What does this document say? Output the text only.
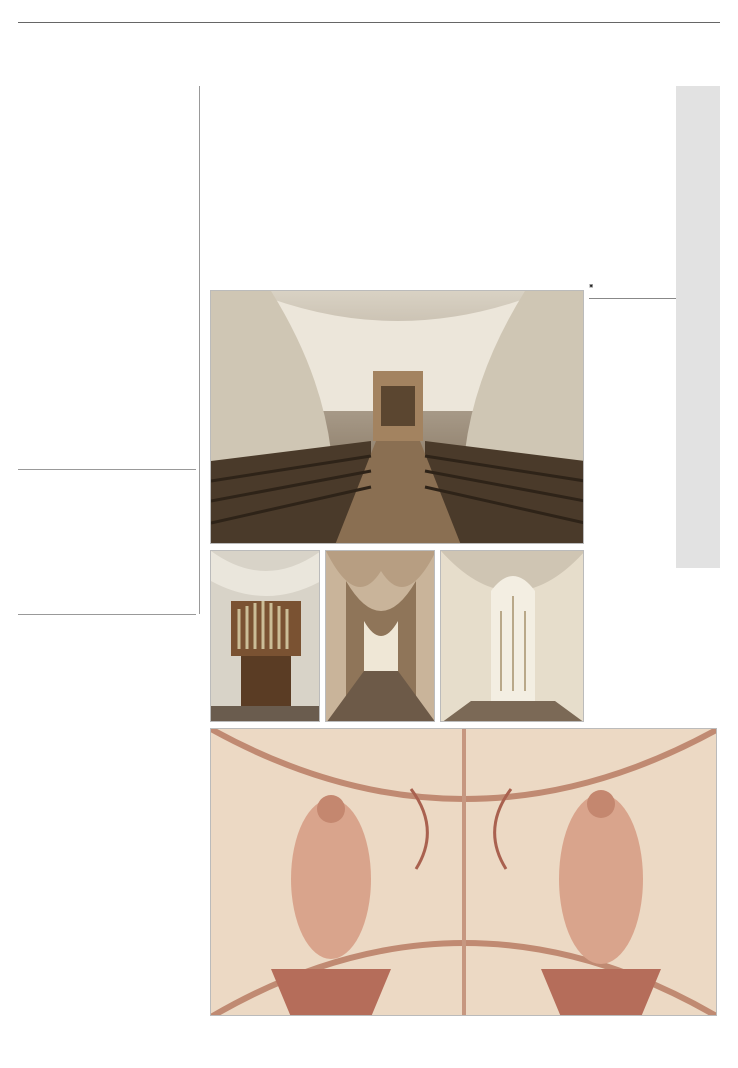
▣
